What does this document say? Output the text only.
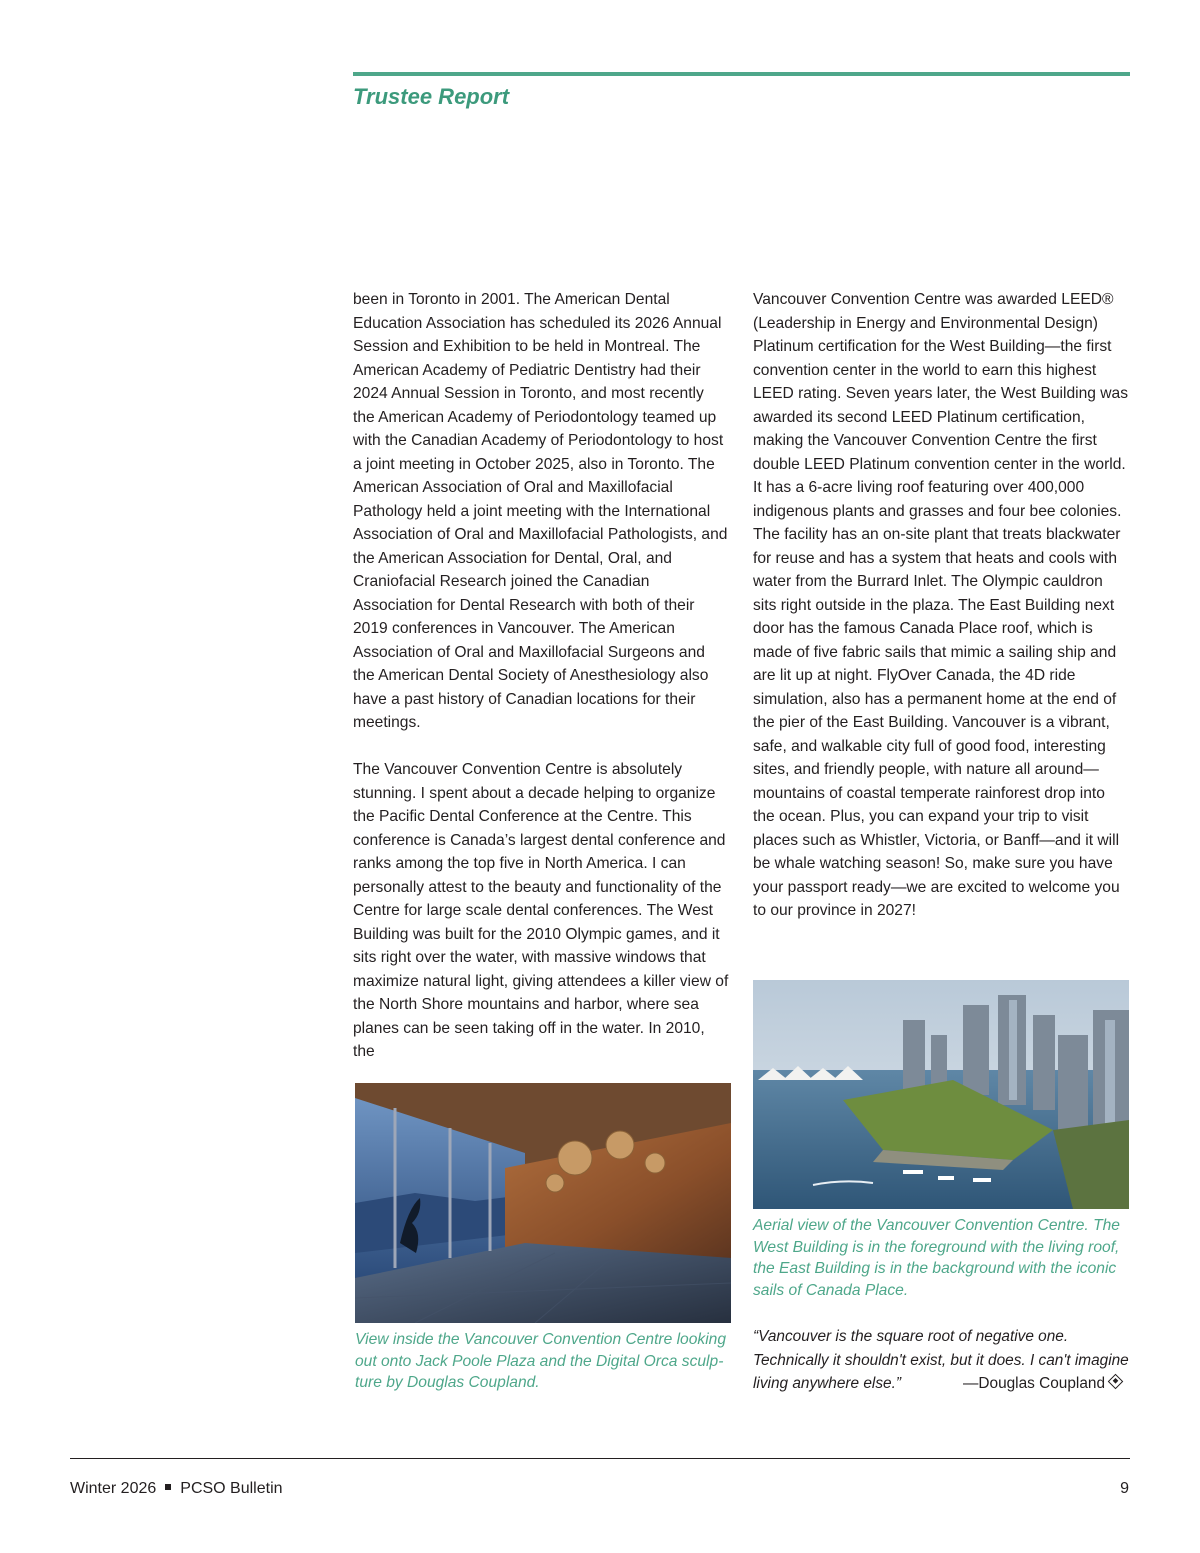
Trustee Report

been in Toronto in 2001. The American Dental Education Association has scheduled its 2026 Annual Session and Exhibition to be held in Montreal. The American Academy of Pediatric Dentistry had their 2024 Annual Session in Toronto, and most recently the American Academy of Periodontology teamed up with the Canadian Academy of Periodontology to host a joint meeting in October 2025, also in Toronto. The American Association of Oral and Maxillofacial Pathology held a joint meeting with the International Association of Oral and Maxillofacial Pathologists, and the American Association for Dental, Oral, and Craniofacial Research joined the Canadian Association for Dental Research with both of their 2019 conferences in Vancouver. The American Association of Oral and Maxillofacial Surgeons and the American Dental Society of Anesthesiology also have a past history of Canadian locations for their meetings.

The Vancouver Convention Centre is absolutely stunning. I spent about a decade helping to organize the Pacific Dental Conference at the Centre. This conference is Canada’s largest dental conference and ranks among the top five in North America. I can personally attest to the beauty and functionality of the Centre for large scale dental conferences. The West Building was built for the 2010 Olympic games, and it sits right over the water, with massive windows that maximize natural light, giving attendees a killer view of the North Shore mountains and harbor, where sea planes can be seen taking off in the water. In 2010, the

Vancouver Convention Centre was awarded LEED® (Leadership in Energy and Environmental Design) Platinum certification for the West Building—the first convention center in the world to earn this highest LEED rating. Seven years later, the West Building was awarded its second LEED Platinum certification, making the Vancouver Convention Centre the first double LEED Platinum convention center in the world. It has a 6-acre living roof featuring over 400,000 indigenous plants and grasses and four bee colonies. The facility has an on-site plant that treats blackwater for reuse and has a system that heats and cools with water from the Burrard Inlet. The Olympic cauldron sits right outside in the plaza. The East Building next door has the famous Canada Place roof, which is made of five fabric sails that mimic a sailing ship and are lit up at night. FlyOver Canada, the 4D ride simulation, also has a permanent home at the end of the pier of the East Building. Vancouver is a vibrant, safe, and walkable city full of good food, interesting sites, and friendly people, with nature all around—mountains of coastal temperate rainforest drop into the ocean. Plus, you can expand your trip to visit places such as Whistler, Victoria, or Banff—and it will be whale watching season! So, make sure you have your passport ready—we are excited to welcome you to our province in 2027!

View inside the Vancouver Convention Centre looking out onto Jack Poole Plaza and the Digital Orca sculpture by Douglas Coupland.

Aerial view of the Vancouver Convention Centre. The West Building is in the foreground with the living roof, the East Building is in the background with the iconic sails of Canada Place.

“Vancouver is the square root of negative one. Technically it shouldn't exist, but it does. I can't imagine living anywhere else.”	—Douglas Coupland
Winter 2026 PCSO Bulletin	9
